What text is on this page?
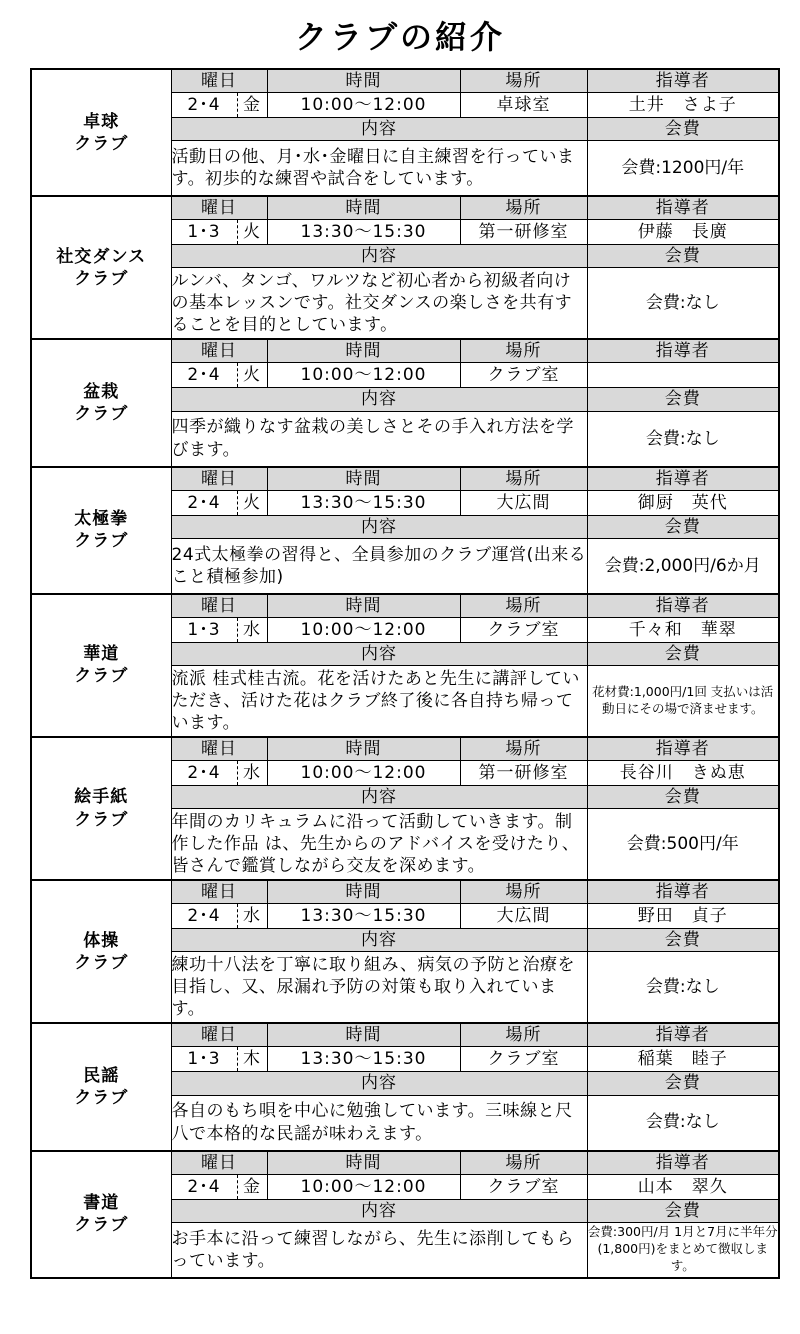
クラブの紹介
卓球
クラブ	曜日		時間	場所	指導者
	2･4	金	10:00～12:00	卓球室	土井　さよ子
	内容				会費
	活動日の他、月･水･金曜日に自主練習を行っています。初歩的な練習や試合をしています。				会費:1200円/年

社交ダンス
クラブ	曜日		時間	場所	指導者
	1･3	火	13:30～15:30	第一研修室	伊藤　長廣
	内容				会費
	ルンバ、タンゴ、ワルツなど初心者から初級者向けの基本レッスンです。社交ダンスの楽しさを共有することを目的としています。				会費:なし

盆栽
クラブ	曜日		時間	場所	指導者
	2･4	火	10:00～12:00	クラブ室	
	内容				会費
	四季が織りなす盆栽の美しさとその手入れ方法を学びます。				会費:なし

太極拳
クラブ	曜日		時間	場所	指導者
	2･4	火	13:30～15:30	大広間	御厨　英代
	内容				会費
	24式太極拳の習得と、全員参加のクラブ運営(出来ること積極参加)				会費:2,000円/6か月

華道
クラブ	曜日		時間	場所	指導者
	1･3	水	10:00～12:00	クラブ室	千々和　華翠
	内容				会費
	流派 桂式桂古流。花を活けたあと先生に講評していただき、活けた花はクラブ終了後に各自持ち帰っています。				花材費:1,000円/1回 支払いは活動日にその場で済ませます。

絵手紙
クラブ	曜日		時間	場所	指導者
	2･4	水	10:00～12:00	第一研修室	長谷川　きぬ恵
	内容				会費
	年間のカリキュラムに沿って活動していきます。制作した作品 は、先生からのアドバイスを受けたり、皆さんで鑑賞しながら交友を深めます。				会費:500円/年

体操
クラブ	曜日		時間	場所	指導者
	2･4	水	13:30～15:30	大広間	野田　貞子
	内容				会費
	練功十八法を丁寧に取り組み、病気の予防と治療を目指し、又、尿漏れ予防の対策も取り入れています。				会費:なし

民謡
クラブ	曜日		時間	場所	指導者
	1･3	木	13:30～15:30	クラブ室	稲葉　睦子
	内容				会費
	各自のもち唄を中心に勉強しています。三味線と尺八で本格的な民謡が味わえます。				会費:なし

書道
クラブ	曜日		時間	場所	指導者
	2･4	金	10:00～12:00	クラブ室	山本　翠久
	内容				会費
	お手本に沿って練習しながら、先生に添削してもらっています。				会費:300円/月 1月と7月に半年分(1,800円)をまとめて徴収します。
